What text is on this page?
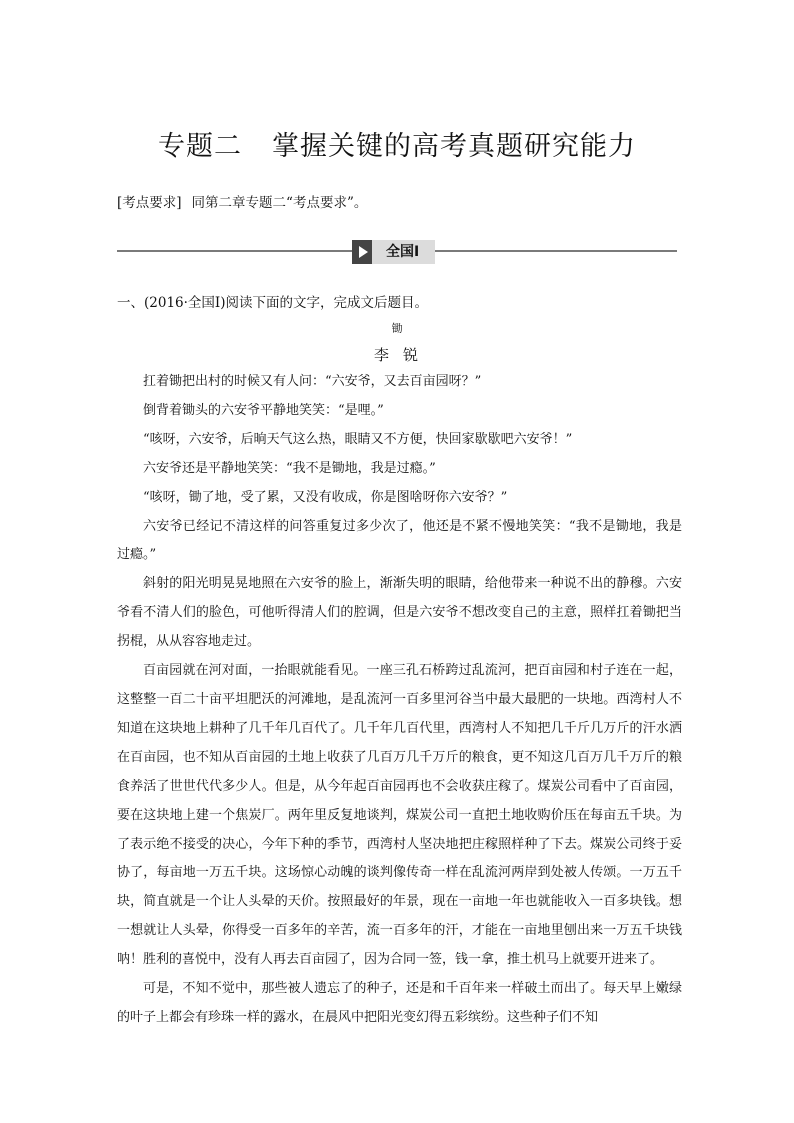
专题二 掌握关键的高考真题研究能力
[考点要求] 同第二章专题二“考点要求”。
全国Ⅰ
一、(2016·全国Ⅰ)阅读下面的文字，完成文后题目。
锄
李 锐

扛着锄把出村的时候又有人问：“六安爷，又去百亩园呀？”

倒背着锄头的六安爷平静地笑笑：“是哩。”

“咳呀，六安爷，后晌天气这么热，眼睛又不方便，快回家歇歇吧六安爷！”

六安爷还是平静地笑笑：“我不是锄地，我是过瘾。”

“咳呀，锄了地，受了累，又没有收成，你是图啥呀你六安爷？”

六安爷已经记不清这样的问答重复过多少次了，他还是不紧不慢地笑笑：“我不是锄地，我是过瘾。”

斜射的阳光明晃晃地照在六安爷的脸上，渐渐失明的眼睛，给他带来一种说不出的静穆。六安爷看不清人们的脸色，可他听得清人们的腔调，但是六安爷不想改变自己的主意，照样扛着锄把当拐棍，从从容容地走过。

百亩园就在河对面，一抬眼就能看见。一座三孔石桥跨过乱流河，把百亩园和村子连在一起，这整整一百二十亩平坦肥沃的河滩地，是乱流河一百多里河谷当中最大最肥的一块地。西湾村人不知道在这块地上耕种了几千年几百代了。几千年几百代里，西湾村人不知把几千斤几万斤的汗水洒在百亩园，也不知从百亩园的土地上收获了几百万几千万斤的粮食，更不知这几百万几千万斤的粮食养活了世世代代多少人。但是，从今年起百亩园再也不会收获庄稼了。煤炭公司看中了百亩园，要在这块地上建一个焦炭厂。两年里反复地谈判，煤炭公司一直把土地收购价压在每亩五千块。为了表示绝不接受的决心，今年下种的季节，西湾村人坚决地把庄稼照样种了下去。煤炭公司终于妥协了，每亩地一万五千块。这场惊心动魄的谈判像传奇一样在乱流河两岸到处被人传颂。一万五千块，简直就是一个让人头晕的天价。按照最好的年景，现在一亩地一年也就能收入一百多块钱。想一想就让人头晕，你得受一百多年的辛苦，流一百多年的汗，才能在一亩地里刨出来一万五千块钱呐！胜利的喜悦中，没有人再去百亩园了，因为合同一签，钱一拿，推土机马上就要开进来了。

可是，不知不觉中，那些被人遗忘了的种子，还是和千百年来一样破土而出了。每天早上嫩绿的叶子上都会有珍珠一样的露水，在晨风中把阳光变幻得五彩缤纷。这些种子们不知
